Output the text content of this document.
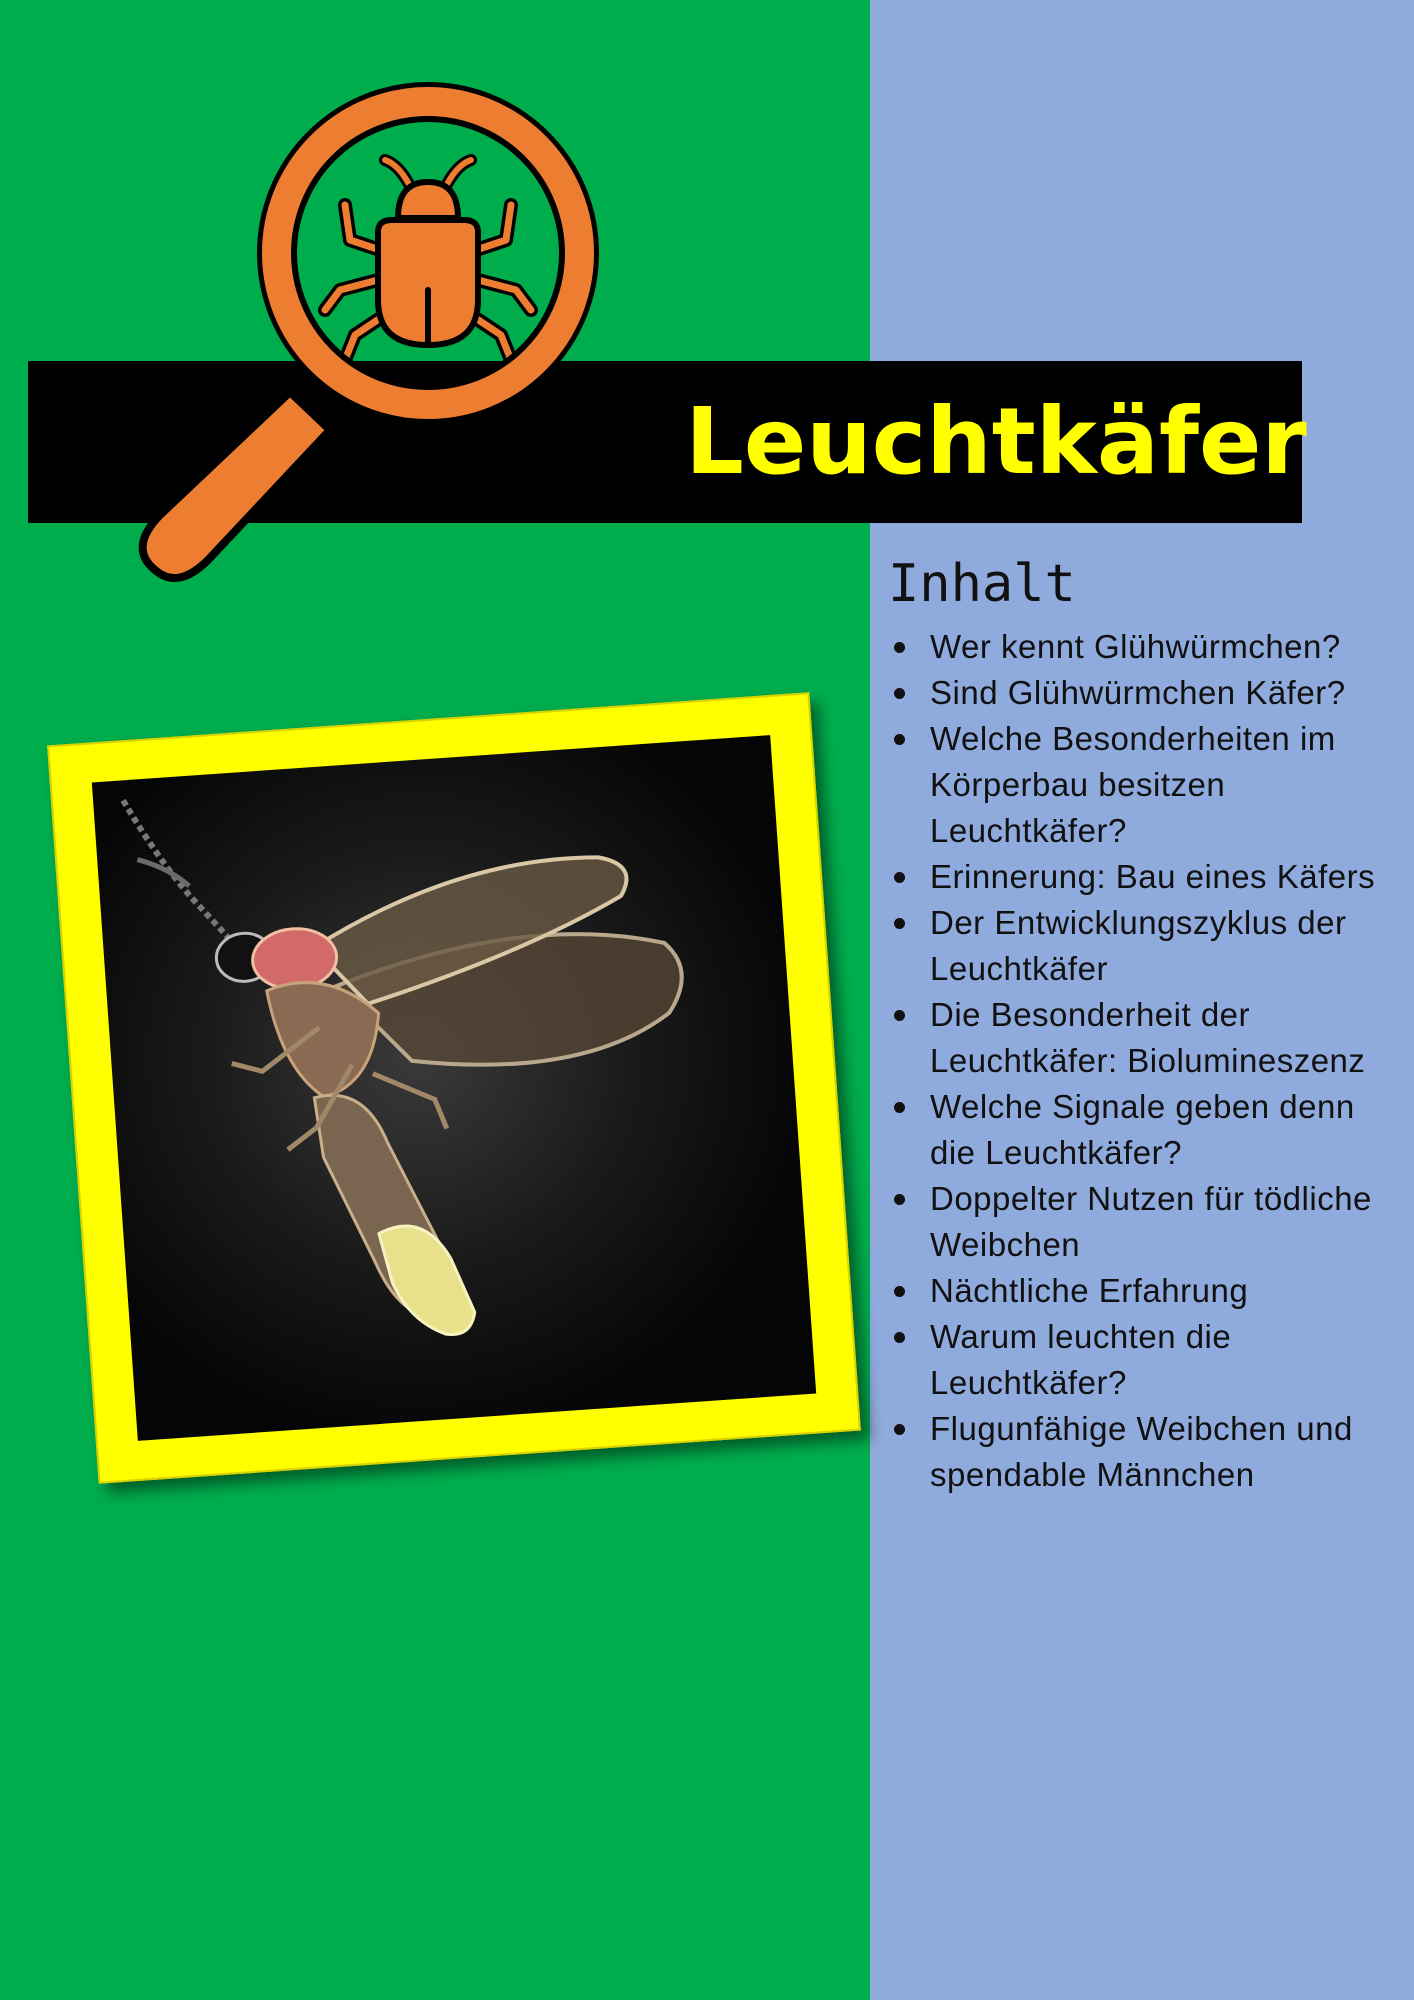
Leuchtkäfer
Inhalt
Wer kennt Glühwürmchen?
Sind Glühwürmchen Käfer?
Welche Besonderheiten im Körperbau besitzen Leuchtkäfer?
Erinnerung: Bau eines Käfers
Der Entwicklungszyklus der Leuchtkäfer
Die Besonderheit der Leuchtkäfer: Biolumineszenz
Welche Signale geben denn die Leuchtkäfer?
Doppelter Nutzen für tödliche Weibchen
Nächtliche Erfahrung
Warum leuchten die Leuchtkäfer?
Flugunfähige Weibchen und spendable Männchen
